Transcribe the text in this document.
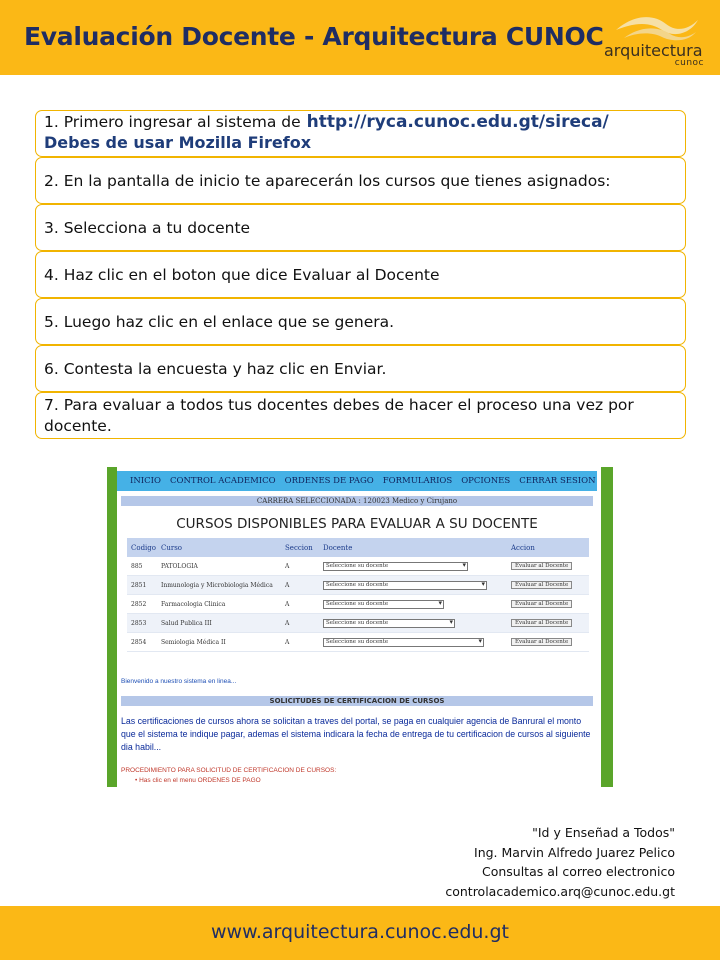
Evaluación Docente - Arquitectura CUNOC arquitectura
cunoc
1. Primero ingresar al sistema de http://ryca.cunoc.edu.gt/sireca/
Debes de usar Mozilla Firefox
2. En la pantalla de inicio te aparecerán los cursos que tienes asignados:
3. Selecciona a tu docente
4. Haz clic en el boton que dice Evaluar al Docente
5. Luego haz clic en el enlace que se genera.
6. Contesta la encuesta y haz clic en Enviar.
7. Para evaluar a todos tus docentes debes de hacer el proceso una vez por docente.
INICIO CONTROL ACADEMICO ORDENES DE PAGO FORMULARIOS OPCIONES CERRAR SESION
CARRERA SELECCIONADA : 120023 Medico y Cirujano
CURSOS DISPONIBLES PARA EVALUAR A SU DOCENTE
Codigo Curso	Seccion	Docente	Accion
885	PATOLOGIA	A	Seleccione su docente ▾	Evaluar al Docente
2851	Inmunologia y Microbiologia Médica	A	Seleccione su docente ▾	Evaluar al Docente
2852	Farmacologia Clinica	A	Seleccione su docente ▾	Evaluar al Docente
2853	Salud Publica III	A	Seleccione su docente ▾	Evaluar al Docente
2854	Semiologia Médica II	A	Seleccione su docente ▾	Evaluar al Docente
Bienvenido a nuestro sistema en linea...
SOLICITUDES DE CERTIFICACION DE CURSOS
Las certificaciones de cursos ahora se solicitan a traves del portal, se paga en cualquier agencia de Banrural el monto que el sistema te indique pagar, ademas el sistema indicara la fecha de entrega de tu certificacion de cursos al siguiente dia habil...
PROCEDIMIENTO PARA SOLICITUD DE CERTIFICACION DE CURSOS:
• Has clic en el menu ORDENES DE PAGO
"Id y Enseñad a Todos"
Ing. Marvin Alfredo Juarez Pelico
Consultas al correo electronico
controlacademico.arq@cunoc.edu.gt
www.arquitectura.cunoc.edu.gt
